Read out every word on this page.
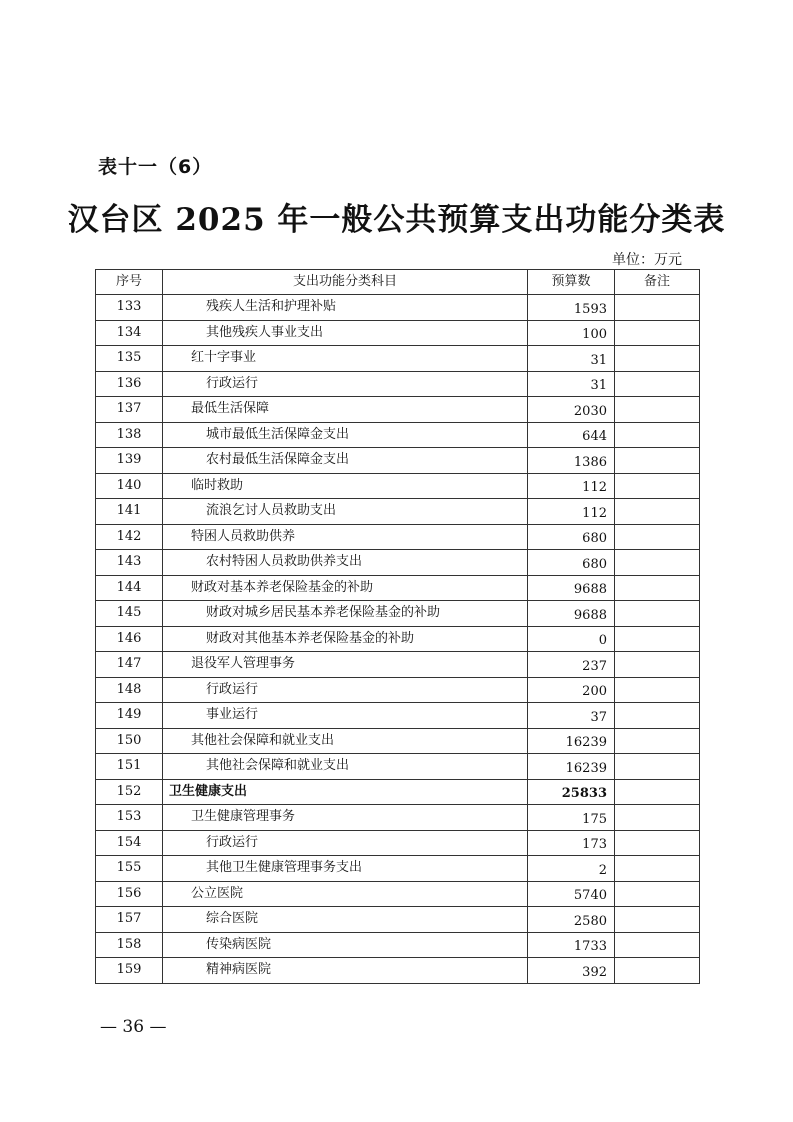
表十一（6）
汉台区 2025 年一般公共预算支出功能分类表
单位：万元
序号	支出功能分类科目	预算数	备注
133	残疾人生活和护理补贴	1593	
134	其他残疾人事业支出	100	
135	红十字事业	31	
136	行政运行	31	
137	最低生活保障	2030	
138	城市最低生活保障金支出	644	
139	农村最低生活保障金支出	1386	
140	临时救助	112	
141	流浪乞讨人员救助支出	112	
142	特困人员救助供养	680	
143	农村特困人员救助供养支出	680	
144	财政对基本养老保险基金的补助	9688	
145	财政对城乡居民基本养老保险基金的补助	9688	
146	财政对其他基本养老保险基金的补助	0	
147	退役军人管理事务	237	
148	行政运行	200	
149	事业运行	37	
150	其他社会保障和就业支出	16239	
151	其他社会保障和就业支出	16239	
152	卫生健康支出	25833	
153	卫生健康管理事务	175	
154	行政运行	173	
155	其他卫生健康管理事务支出	2	
156	公立医院	5740	
157	综合医院	2580	
158	传染病医院	1733	
159	精神病医院	392	
— 36 —
